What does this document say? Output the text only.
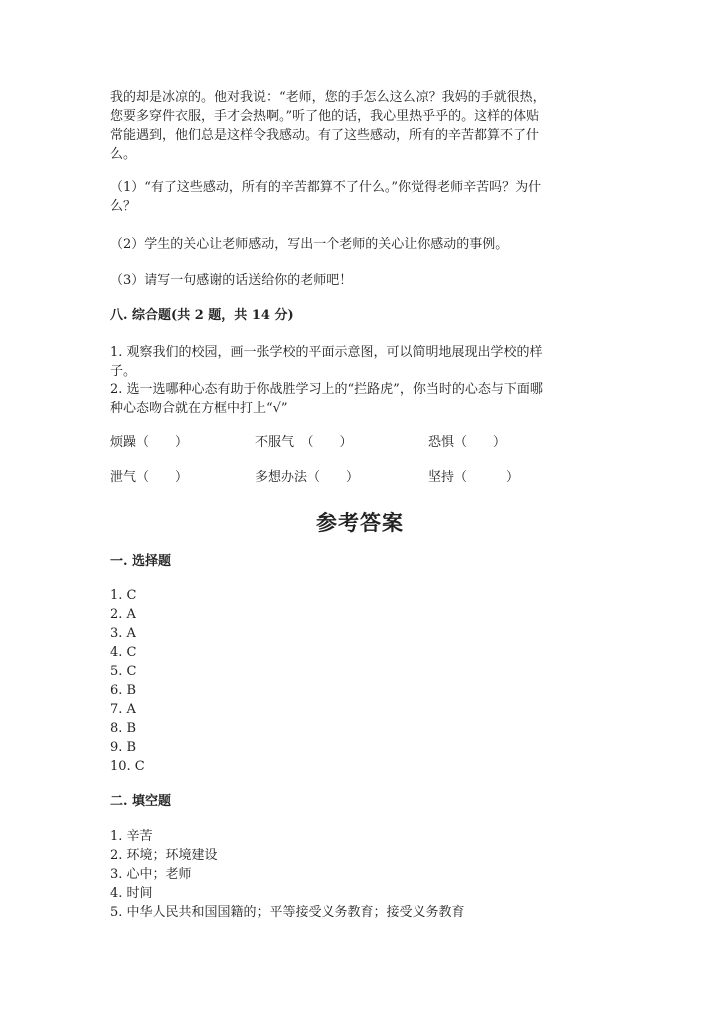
我的却是冰凉的。他对我说：“老师，您的手怎么这么凉？我妈的手就很热，
您要多穿件衣服，手才会热啊。”听了他的话，我心里热乎乎的。这样的体贴
常能遇到，他们总是这样令我感动。有了这些感动，所有的辛苦都算不了什
么。
（1）“有了这些感动，所有的辛苦都算不了什么。”你觉得老师辛苦吗？为什
么？
（2）学生的关心让老师感动，写出一个老师的关心让你感动的事例。
（3）请写一句感谢的话送给你的老师吧！
八. 综合题(共 2 题，共 14 分)
1. 观察我们的校园，画一张学校的平面示意图，可以简明地展现出学校的样
子。
2. 选一选哪种心态有助于你战胜学习上的“拦路虎”，你当时的心态与下面哪
种心态吻合就在方框中打上“√”
烦躁（　　）	不服气　（　　）	恐惧（　　）
泄气（　　）	多想办法（　　）	坚持（　　　）
参考答案
一. 选择题
1. C
2. A
3. A
4. C
5. C
6. B
7. A
8. B
9. B
10. C
二. 填空题
1. 辛苦
2. 环境；环境建设
3. 心中；老师
4. 时间
5. 中华人民共和国国籍的；平等接受义务教育；接受义务教育
